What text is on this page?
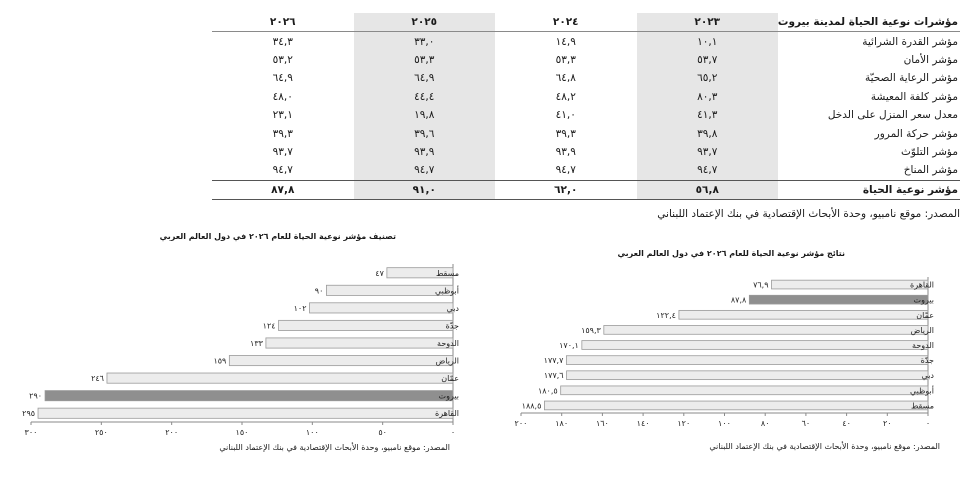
مؤشرات نوعية الحياة لمدينة بيروت	٢٠٢٣	٢٠٢٤	٢٠٢٥	٢٠٢٦
مؤشر القدرة الشرائية	١٠,١	١٤,٩	٣٣,٠	٣٤,٣
مؤشر الأمان	٥٣,٧	٥٣,٣	٥٣,٣	٥٣,٢
مؤشر الرعاية الصحيّة	٦٥,٢	٦٤,٨	٦٤,٩	٦٤,٩
مؤشر كلفة المعيشة	٨٠,٣	٤٨,٢	٤٤,٤	٤٨,٠
معدل سعر المنزل على الدخل	٤١,٣	٤١,٠	١٩,٨	٢٣,١
مؤشر حركة المرور	٣٩,٨	٣٩,٣	٣٩,٦	٣٩,٣
مؤشر التلوّث	٩٣,٧	٩٣,٩	٩٣,٩	٩٣,٧
مؤشر المناخ	٩٤,٧	٩٤,٧	٩٤,٧	٩٤,٧
مؤشر نوعية الحياة	٥٦,٨	٦٢,٠	٩١,٠	٨٧,٨
المصدر: موقع نامبيو، وحدة الأبحاث الإقتصادية في بنك الإعتماد اللبناني
تصنيف مؤشر نوعية الحياة للعام ٢٠٢٦ في دول العالم العربي
٤٧	مسقط
٩٠	أبوظبي
١٠٢	دبي
١٢٤	جدّة
١٣٣	الدوحة
١٥٩	الرياض
٢٤٦	عمّان
٢٩٠	بيروت
٢٩٥	القاهرة
٠
٥٠
١٠٠
١٥٠
٢٠٠
٢٥٠
٣٠٠
المصدر: موقع نامبيو، وحدة الأبحاث الإقتصادية في بنك الإعتماد اللبناني
نتائج مؤشر نوعية الحياة للعام ٢٠٢٦ في دول العالم العربي
٧٦,٩	القاهرة
٨٧,٨	بيروت
١٢٢,٤	عمّان
١٥٩,٣	الرياض
١٧٠,١	الدوحة
١٧٧,٧	جدّة
١٧٧,٦	دبي
١٨٠,٥	أبوظبي
١٨٨,٥	مسقط
٠
٢٠
٤٠
٦٠
٨٠
١٠٠
١٢٠
١٤٠
١٦٠
١٨٠
٢٠٠
المصدر: موقع نامبيو، وحدة الأبحاث الإقتصادية في بنك الإعتماد اللبناني
